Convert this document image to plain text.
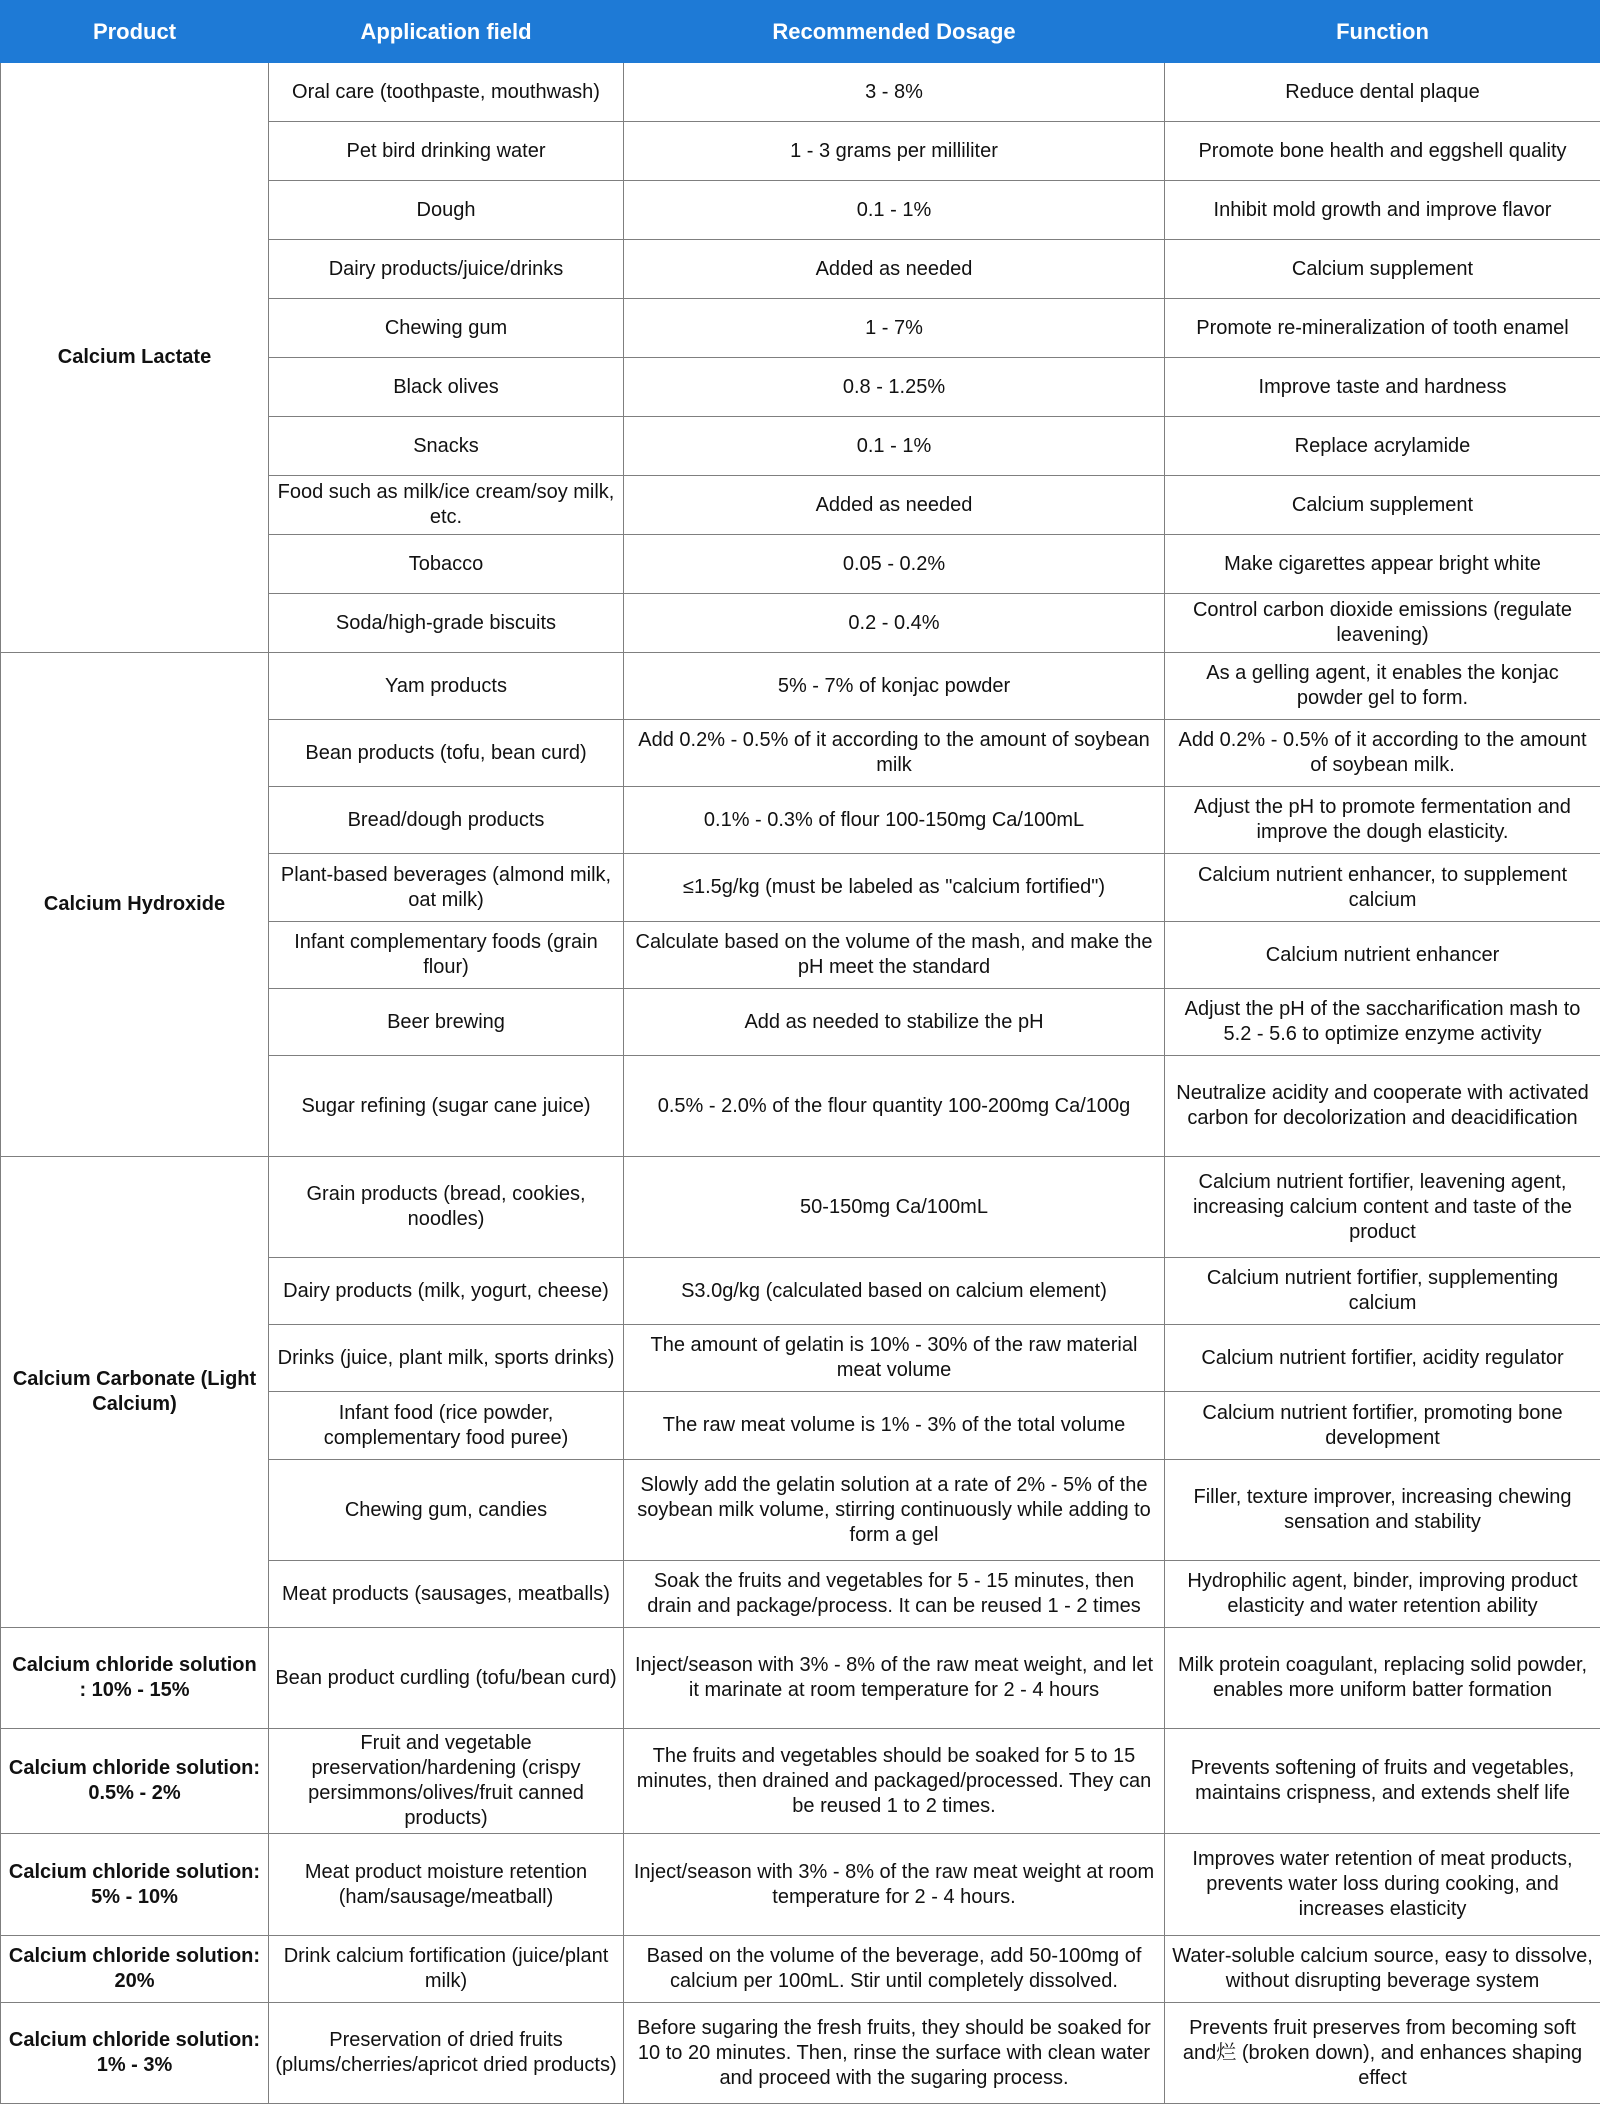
Product	Application field	Recommended Dosage	Function
Calcium Lactate	Oral care (toothpaste, mouthwash)	3 - 8%	Reduce dental plaque
	Pet bird drinking water	1 - 3 grams per milliliter	Promote bone health and eggshell quality
	Dough	0.1 - 1%	Inhibit mold growth and improve flavor
	Dairy products/juice/drinks	Added as needed	Calcium supplement
	Chewing gum	1 - 7%	Promote re-mineralization of tooth enamel
	Black olives	0.8 - 1.25%	Improve taste and hardness
	Snacks	0.1 - 1%	Replace acrylamide
	Food such as milk/ice cream/soy milk, etc.	Added as needed	Calcium supplement
	Tobacco	0.05 - 0.2%	Make cigarettes appear bright white
	Soda/high-grade biscuits	0.2 - 0.4%	Control carbon dioxide emissions (regulate leavening)
Calcium Hydroxide	Yam products	5% - 7% of konjac powder	As a gelling agent, it enables the konjac powder gel to form.
	Bean products (tofu, bean curd)	Add 0.2% - 0.5% of it according to the amount of soybean milk	Add 0.2% - 0.5% of it according to the amount of soybean milk.
	Bread/dough products	0.1% - 0.3% of flour 100-150mg Ca/100mL	Adjust the pH to promote fermentation and improve the dough elasticity.
	Plant-based beverages (almond milk, oat milk)	≤1.5g/kg (must be labeled as "calcium fortified")	Calcium nutrient enhancer, to supplement calcium
	Infant complementary foods (grain flour)	Calculate based on the volume of the mash, and make the pH meet the standard	Calcium nutrient enhancer
	Beer brewing	Add as needed to stabilize the pH	Adjust the pH of the saccharification mash to 5.2 - 5.6 to optimize enzyme activity
	Sugar refining (sugar cane juice)	0.5% - 2.0% of the flour quantity 100-200mg Ca/100g	Neutralize acidity and cooperate with activated carbon for decolorization and deacidification
Calcium Carbonate (Light Calcium)	Grain products (bread, cookies, noodles)	50-150mg Ca/100mL	Calcium nutrient fortifier, leavening agent, increasing calcium content and taste of the product
	Dairy products (milk, yogurt, cheese)	S3.0g/kg (calculated based on calcium element)	Calcium nutrient fortifier, supplementing calcium
	Drinks (juice, plant milk, sports drinks)	The amount of gelatin is 10% - 30% of the raw material meat volume	Calcium nutrient fortifier, acidity regulator
	Infant food (rice powder, complementary food puree)	The raw meat volume is 1% - 3% of the total volume	Calcium nutrient fortifier, promoting bone development
	Chewing gum, candies	Slowly add the gelatin solution at a rate of 2% - 5% of the soybean milk volume, stirring continuously while adding to form a gel	Filler, texture improver, increasing chewing sensation and stability
	Meat products (sausages, meatballs)	Soak the fruits and vegetables for 5 - 15 minutes, then drain and package/process. It can be reused 1 - 2 times	Hydrophilic agent, binder, improving product elasticity and water retention ability
Calcium chloride solution : 10% - 15%	Bean product curdling (tofu/bean curd)	Inject/season with 3% - 8% of the raw meat weight, and let it marinate at room temperature for 2 - 4 hours	Milk protein coagulant, replacing solid powder, enables more uniform batter formation
Calcium chloride solution: 0.5% - 2%	Fruit and vegetable preservation/hardening (crispy persimmons/olives/fruit canned products)	The fruits and vegetables should be soaked for 5 to 15 minutes, then drained and packaged/processed. They can be reused 1 to 2 times.	Prevents softening of fruits and vegetables, maintains crispness, and extends shelf life
Calcium chloride solution: 5% - 10%	Meat product moisture retention (ham/sausage/meatball)	Inject/season with 3% - 8% of the raw meat weight at room temperature for 2 - 4 hours.	Improves water retention of meat products, prevents water loss during cooking, and increases elasticity
Calcium chloride solution: 20%	Drink calcium fortification (juice/plant milk)	Based on the volume of the beverage, add 50-100mg of calcium per 100mL. Stir until completely dissolved.	Water-soluble calcium source, easy to dissolve, without disrupting beverage system
Calcium chloride solution: 1% - 3%	Preservation of dried fruits (plums/cherries/apricot dried products)	Before sugaring the fresh fruits, they should be soaked for 10 to 20 minutes. Then, rinse the surface with clean water and proceed with the sugaring process.	Prevents fruit preserves from becoming soft and烂 (broken down), and enhances shaping effect
